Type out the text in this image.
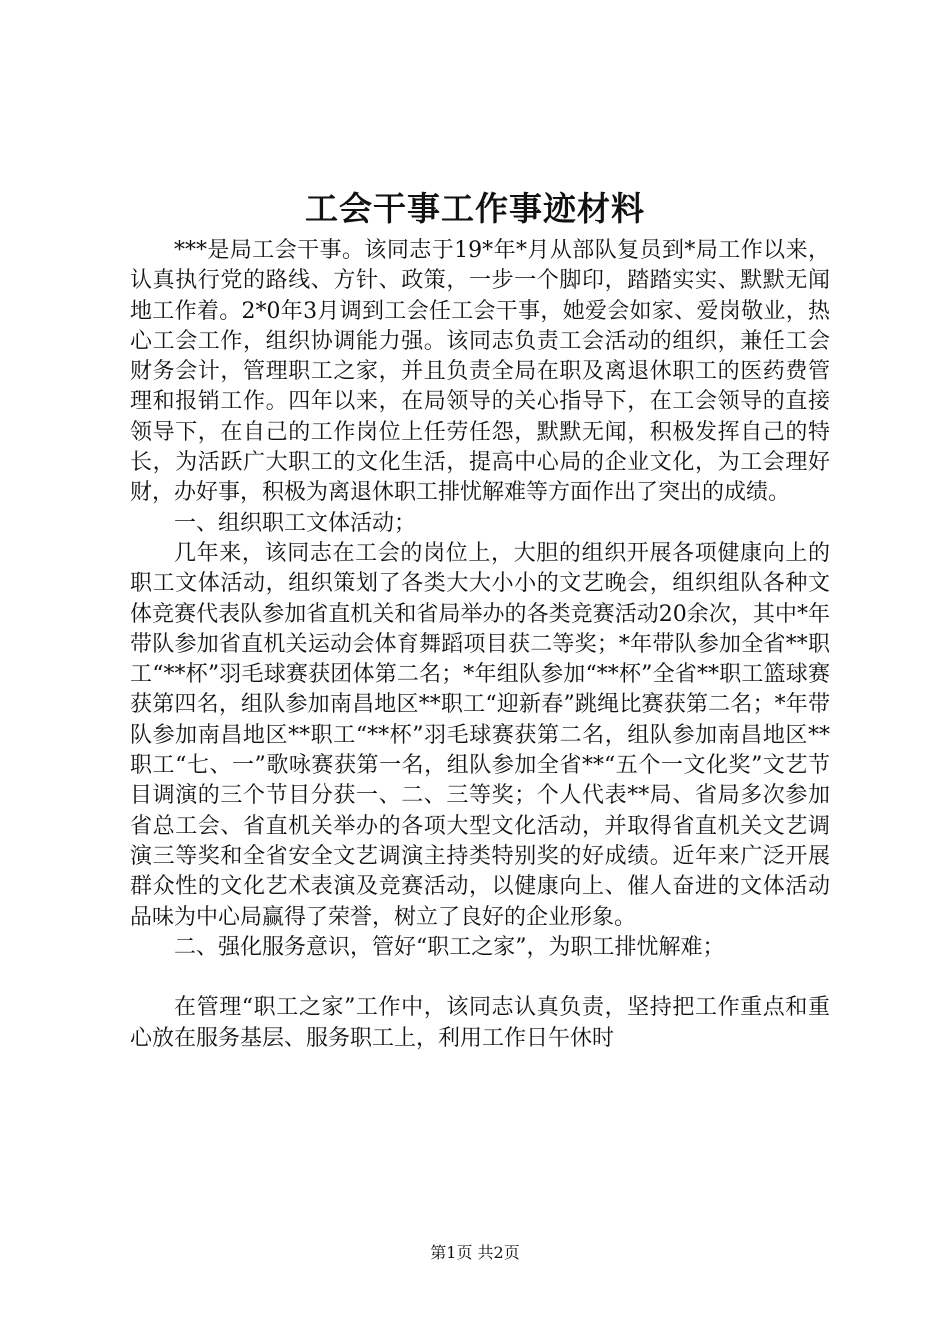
工会干事工作事迹材料

***是局工会干事。该同志于19*年*月从部队复员到*局工作以来，认真执行党的路线、方针、政策，一步一个脚印，踏踏实实、默默无闻地工作着。2*0年3月调到工会任工会干事，她爱会如家、爱岗敬业，热心工会工作，组织协调能力强。该同志负责工会活动的组织，兼任工会财务会计，管理职工之家，并且负责全局在职及离退休职工的医药费管理和报销工作。四年以来，在局领导的关心指导下，在工会领导的直接领导下，在自己的工作岗位上任劳任怨，默默无闻，积极发挥自己的特长，为活跃广大职工的文化生活，提高中心局的企业文化，为工会理好财，办好事，积极为离退休职工排忧解难等方面作出了突出的成绩。

一、组织职工文体活动；

几年来，该同志在工会的岗位上，大胆的组织开展各项健康向上的职工文体活动，组织策划了各类大大小小的文艺晚会，组织组队各种文体竞赛代表队参加省直机关和省局举办的各类竞赛活动20余次，其中*年带队参加省直机关运动会体育舞蹈项目获二等奖；*年带队参加全省**职工“**杯”羽毛球赛获团体第二名；*年组队参加“**杯”全省**职工篮球赛获第四名，组队参加南昌地区**职工“迎新春”跳绳比赛获第二名；*年带队参加南昌地区**职工“**杯”羽毛球赛获第二名，组队参加南昌地区**职工“七、一”歌咏赛获第一名，组队参加全省**“五个一文化奖”文艺节目调演的三个节目分获一、二、三等奖；个人代表**局、省局多次参加省总工会、省直机关举办的各项大型文化活动，并取得省直机关文艺调演三等奖和全省安全文艺调演主持类特别奖的好成绩。近年来广泛开展群众性的文化艺术表演及竞赛活动，以健康向上、催人奋进的文体活动品味为中心局赢得了荣誉，树立了良好的企业形象。

二、强化服务意识，管好“职工之家”，为职工排忧解难；

在管理“职工之家”工作中，该同志认真负责，坚持把工作重点和重心放在服务基层、服务职工上，利用工作日午休时

第1页 共2页
